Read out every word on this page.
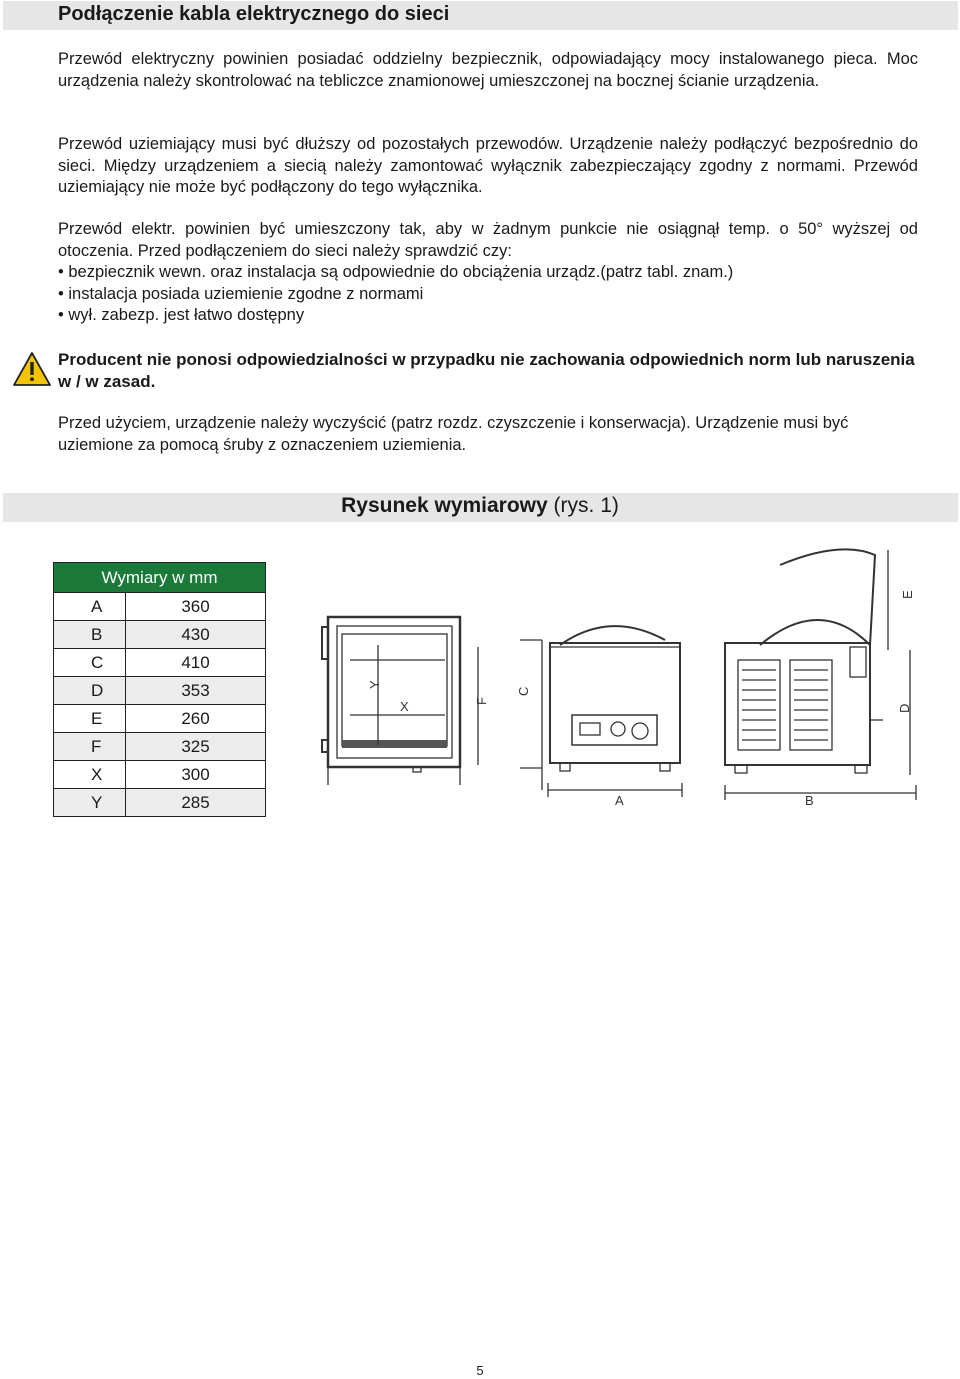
Podłączenie kabla elektrycznego do sieci
Przewód elektryczny powinien posiadać oddzielny bezpiecznik, odpowiadający mocy instalowanego pieca. Moc urządzenia należy skontrolować na tebliczce znamionowej umieszczonej na bocznej ścianie urządzenia.
Przewód uziemiający musi być dłuższy od pozostałych przewodów. Urządzenie należy podłączyć bezpośrednio do sieci. Między urządzeniem a siecią należy zamontować wyłącznik zabezpieczający zgodny z normami. Przewód uziemiający nie może być podłączony do tego wyłącznika.
Przewód elektr. powinien być umieszczony tak, aby w żadnym punkcie nie osiągnął temp. o 50° wyższej od otoczenia. Przed podłączeniem do sieci należy sprawdzić czy:
• bezpiecznik wewn. oraz instalacja są odpowiednie do obciążenia urządz.(patrz tabl. znam.)
• instalacja posiada uziemienie zgodne z normami
• wył. zabezp. jest łatwo dostępny
Producent nie ponosi odpowiedzialności w przypadku nie zachowania odpowiednich norm lub naruszenia w / w zasad.
Przed użyciem, urządzenie należy wyczyścić (patrz rozdz. czyszczenie i konserwacja). Urządzenie musi być uziemione za pomocą śruby z oznaczeniem uziemienia.
Rysunek wymiarowy (rys. 1)
Wymiary w mm	
A	360
B	430
C	410
D	353
E	260
F	325
X	300
Y	285
Y
X	F
C
E
D
A	B
5
